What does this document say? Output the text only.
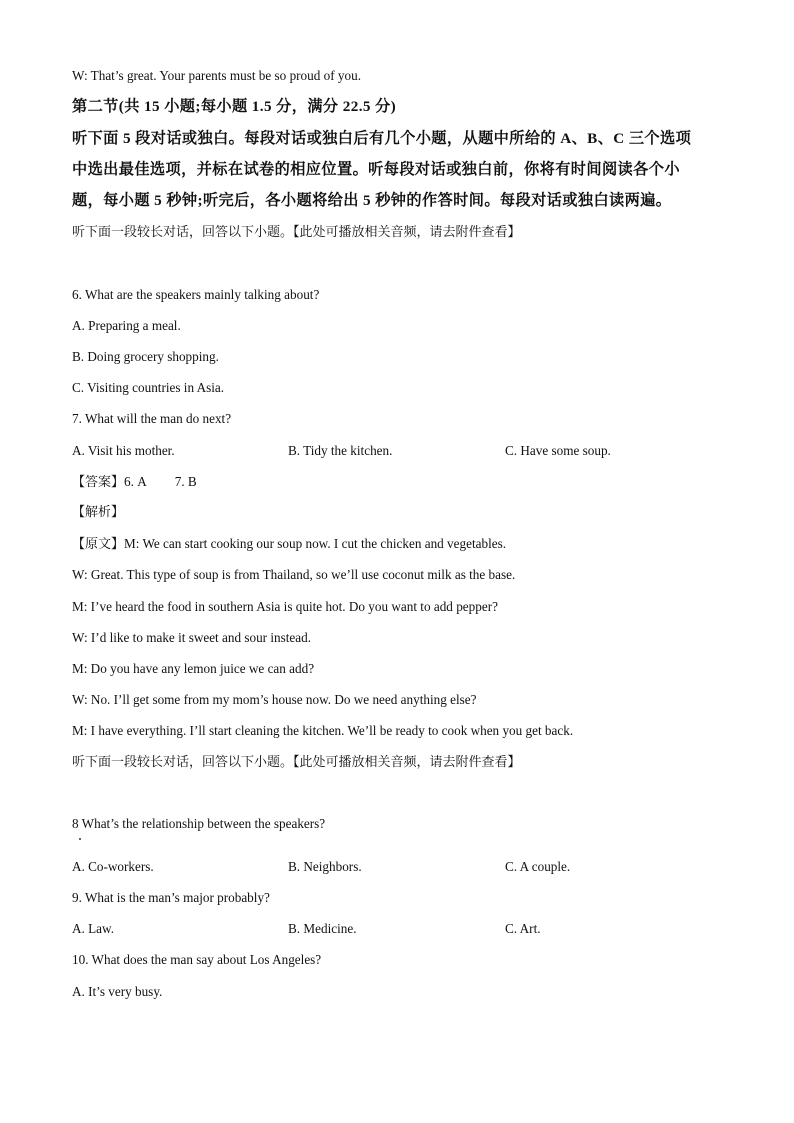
W: That’s great. Your parents must be so proud of you.
第二节(共 15 小题;每小题 1.5 分，满分 22.5 分)
听下面 5 段对话或独白。每段对话或独白后有几个小题，从题中所给的 A、B、C 三个选项
中选出最佳选项，并标在试卷的相应位置。听每段对话或独白前，你将有时间阅读各个小
题，每小题 5 秒钟;听完后，各小题将给出 5 秒钟的作答时间。每段对话或独白读两遍。
听下面一段较长对话，回答以下小题。【此处可播放相关音频，请去附件查看】
6. What are the speakers mainly talking about?
A. Preparing a meal.
B. Doing grocery shopping.
C. Visiting countries in Asia.
7. What will the man do next?
A. Visit his mother.	B. Tidy the kitchen.	C. Have some soup.
【答案】6. A 7. B
【解析】
【原文】M: We can start cooking our soup now. I cut the chicken and vegetables.
W: Great. This type of soup is from Thailand, so we’ll use coconut milk as the base.
M: I’ve heard the food in southern Asia is quite hot. Do you want to add pepper?
W: I’d like to make it sweet and sour instead.
M: Do you have any lemon juice we can add?
W: No. I’ll get some from my mom’s house now. Do we need anything else?
M: I have everything. I’ll start cleaning the kitchen. We’ll be ready to cook when you get back.
听下面一段较长对话，回答以下小题。【此处可播放相关音频，请去附件查看】
8 What’s the relationship between the speakers?
A. Co-workers.	B. Neighbors.	C. A couple.
9. What is the man’s major probably?
A. Law.	B. Medicine.	C. Art.
10. What does the man say about Los Angeles?
A. It’s very busy.
